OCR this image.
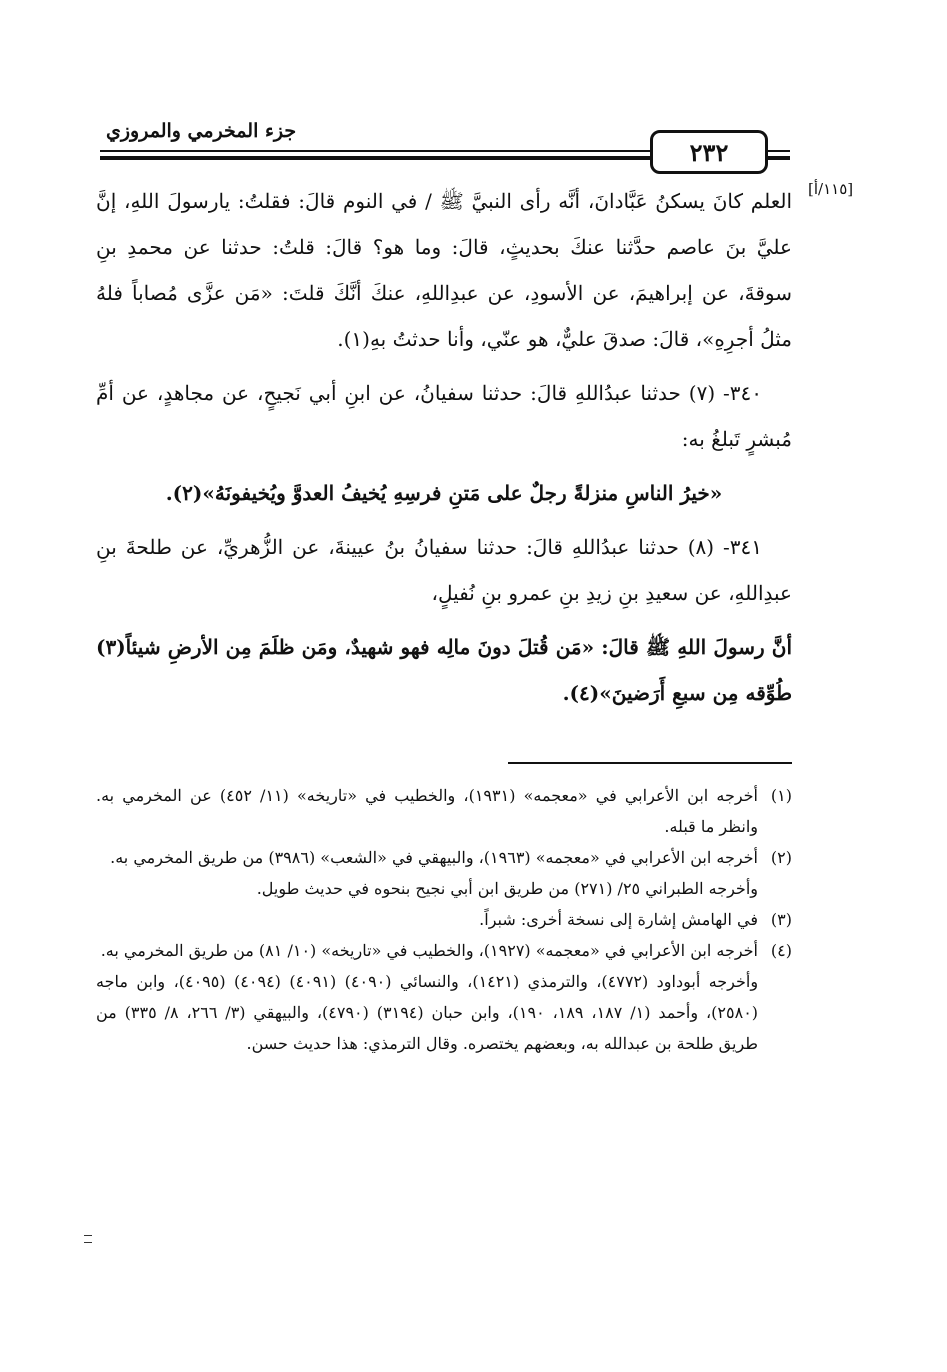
جزء المخرمي والمروزي
٢٣٢
[١١٥/أ]

العلم كانَ يسكنُ عَبَّادانَ، أنَّه رأى النبيَّ ﷺ / في النوم قالَ: فقلتُ: يارسولَ اللهِ، إنَّ عليَّ بنَ عاصم حدَّثنا عنكَ بحديثٍ، قالَ: وما هو؟ قالَ: قلتُ: حدثنا عن محمدِ بنِ سوقةَ، عن إبراهيمَ، عن الأسودِ، عن عبدِاللهِ، عنكَ أنَّكَ قلتَ: «مَن عزَّى مُصاباً فلهُ مثلُ أجرِهِ»، قالَ: صدقَ عليٌّ، هو عنّي، وأنا حدثتُ بهِ(١).

٣٤٠- (٧) حدثنا عبدُاللهِ قالَ: حدثنا سفيانُ، عن ابنِ أبي نَجيحٍ، عن مجاهدٍ، عن أمِّ مُبشرٍ تَبلغُ به:

«خيرُ الناسِ منزلةً رجلٌ على مَتنِ فرسِهِ يُخيفُ العدوَّ ويُخيفونَهُ»(٢).

٣٤١- (٨) حدثنا عبدُاللهِ قالَ: حدثنا سفيانُ بنُ عيينةَ، عن الزُّهريِّ، عن طلحةَ بنِ عبدِاللهِ، عن سعيدِ بنِ زيدِ بنِ عمرو بنِ نُفيلٍ،

أنَّ رسولَ اللهِ ﷺ قالَ: «مَن قُتلَ دونَ مالِه فهو شهيدٌ، ومَن ظلَمَ مِن الأرضِ شيئاً(٣) طُوِّقه مِن سبعِ أَرَضينَ»(٤).

(١)أخرجه ابن الأعرابي في «معجمه» (١٩٣١)، والخطيب في «تاريخه» (١١/ ٤٥٢) عن المخرمي به. وانظر ما قبله.

(٢)أخرجه ابن الأعرابي في «معجمه» (١٩٦٣)، والبيهقي في «الشعب» (٣٩٨٦) من طريق المخرمي به.

وأخرجه الطبراني ٢٥/ (٢٧١) من طريق ابن أبي نجيح بنحوه في حديث طويل.

(٣)في الهامش إشارة إلى نسخة أخرى: شبراً.

(٤)أخرجه ابن الأعرابي في «معجمه» (١٩٢٧)، والخطيب في «تاريخه» (١٠/ ٨١) من طريق المخرمي به.

وأخرجه أبوداود (٤٧٧٢)، والترمذي (١٤٢١)، والنسائي (٤٠٩٠) (٤٠٩١) (٤٠٩٤) (٤٠٩٥)، وابن ماجه (٢٥٨٠)، وأحمد (١/ ١٨٧، ١٨٩، ١٩٠)، وابن حبان (٣١٩٤) (٤٧٩٠)، والبيهقي (٣/ ٢٦٦، ٨/ ٣٣٥) من طريق طلحة بن عبدالله به، وبعضهم يختصره. وقال الترمذي: هذا حديث حسن.
